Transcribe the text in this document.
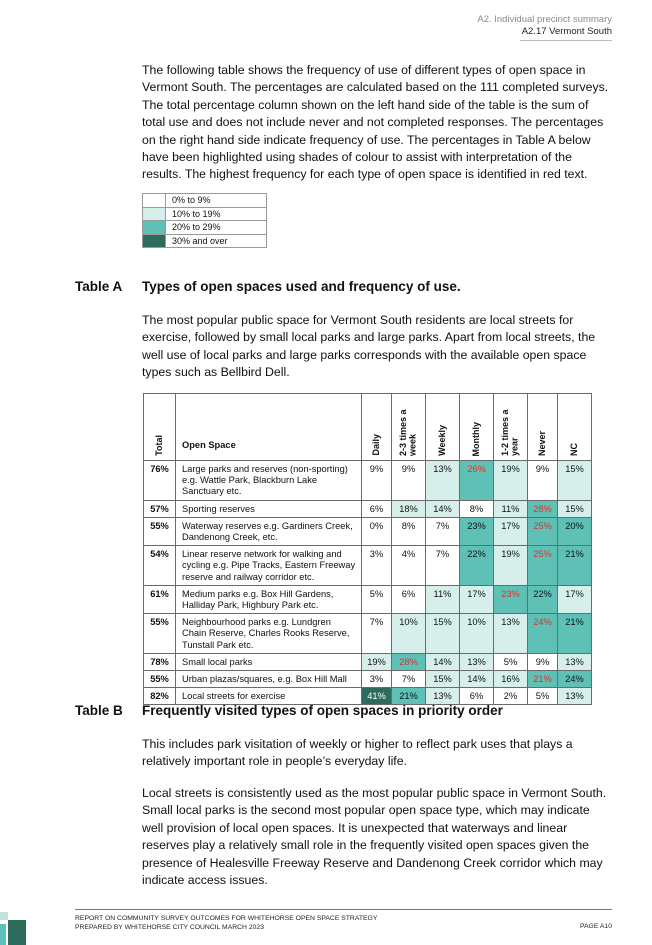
A2. Individual precinct summary
A2.17 Vermont South

The following table shows the frequency of use of different types of open space in Vermont South. The percentages are calculated based on the 111 completed surveys. The total percentage column shown on the left hand side of the table is the sum of total use and does not include never and not completed responses. The percentages on the right hand side indicate frequency of use. The percentages in Table A below have been highlighted using shades of colour to assist with interpretation of the results. The highest frequency for each type of open space is identified in red text.

	0% to 9%
	10% to 19%
	20% to 29%
	30% and over
Table A Types of open spaces used and frequency of use.

The most popular public space for Vermont South residents are local streets for exercise, followed by small local parks and large parks. Apart from local streets, the well use of local parks and large parks corresponds with the available open space types such as Bellbird Dell.

Total	Open Space	Daily	2-3 times a week	Weekly	Monthly	1-2 times a year	Never	NC

76%	Large parks and reserves (non-sporting) e.g. Wattle Park, Blackburn Lake Sanctuary etc.	9%	9%	13%	26%	19%	9%	15%
57%	Sporting reserves	6%	18%	14%	8%	11%	28%	15%
55%	Waterway reserves e.g. Gardiners Creek, Dandenong Creek, etc.	0%	8%	7%	23%	17%	25%	20%
54%	Linear reserve network for walking and cycling e.g. Pipe Tracks, Eastern Freeway reserve and railway corridor etc.	3%	4%	7%	22%	19%	25%	21%
61%	Medium parks e.g. Box Hill Gardens, Halliday Park, Highbury Park etc.	5%	6%	11%	17%	23%	22%	17%
55%	Neighbourhood parks e.g. Lundgren Chain Reserve, Charles Rooks Reserve, Tunstall Park etc.	7%	10%	15%	10%	13%	24%	21%
78%	Small local parks	19%	28%	14%	13%	5%	9%	13%
55%	Urban plazas/squares, e.g. Box Hill Mall	3%	7%	15%	14%	16%	21%	24%
82%	Local streets for exercise	41%	21%	13%	6%	2%	5%	13%
Table B Frequently visited types of open spaces in priority order

This includes park visitation of weekly or higher to reflect park uses that plays a relatively important role in people’s everyday life.

Local streets is consistently used as the most popular public space in Vermont South. Small local parks is the second most popular open space type, which may indicate well provision of local open spaces. It is unexpected that waterways and linear reserves play a relatively small role in the frequently visited open spaces given the presence of Healesville Freeway Reserve and Dandenong Creek corridor which may indicate access issues.

REPORT ON COMMUNITY SURVEY OUTCOMES FOR WHITEHORSE OPEN SPACE STRATEGY
PREPARED BY WHITEHORSE CITY COUNCIL MARCH 2023	PAGE A10
